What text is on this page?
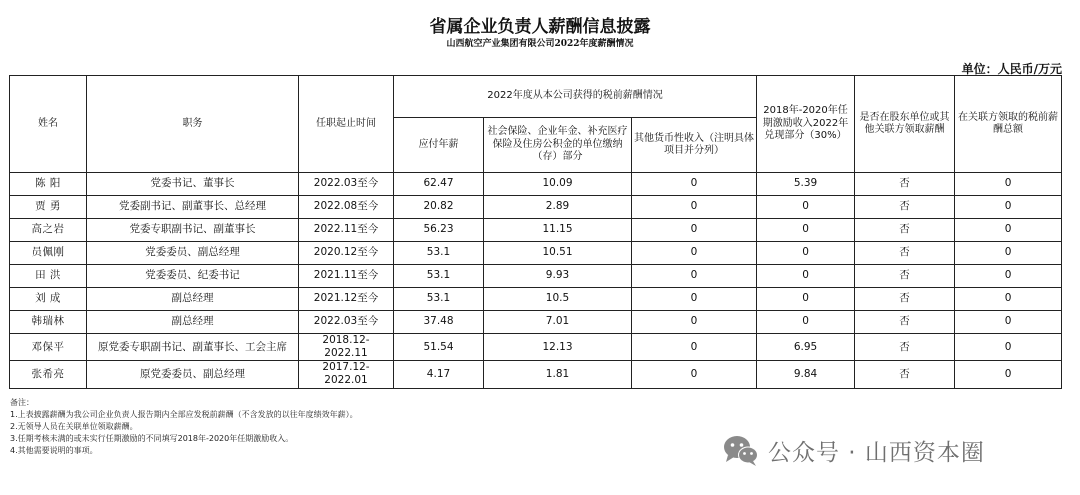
省属企业负责人薪酬信息披露
山西航空产业集团有限公司2022年度薪酬情况
单位：人民币/万元
姓名	职务	任职起止时间	2022年度从本公司获得的税前薪酬情况			2018年-2020年任期激励收入2022年兑现部分（30%）	是否在股东单位或其他关联方领取薪酬	在关联方领取的税前薪酬总额
			应付年薪	社会保险、企业年金、补充医疗保险及住房公积金的单位缴纳（存）部分	其他货币性收入（注明具体项目并分列）			
陈 阳	党委书记、董事长	2022.03至今	62.47	10.09	0	5.39	否	0
贾 勇	党委副书记、副董事长、总经理	2022.08至今	20.82	2.89	0	0	否	0
高之岩	党委专职副书记、副董事长	2022.11至今	56.23	11.15	0	0	否	0
员佩刚	党委委员、副总经理	2020.12至今	53.1	10.51	0	0	否	0
田 洪	党委委员、纪委书记	2021.11至今	53.1	9.93	0	0	否	0
刘 成	副总经理	2021.12至今	53.1	10.5	0	0	否	0
韩瑞林	副总经理	2022.03至今	37.48	7.01	0	0	否	0
邓保平	原党委专职副书记、副董事长、工会主席	2018.12-2022.11	51.54	12.13	0	6.95	否	0
张希亮	原党委委员、副总经理	2017.12-2022.01	4.17	1.81	0	9.84	否	0
备注：
1.上表披露薪酬为我公司企业负责人报告期内全部应发税前薪酬（不含发放的以往年度绩效年薪）。
2.无领导人员在关联单位领取薪酬。
3.任期考核未满的或未实行任期激励的不同填写2018年-2020年任期激励收入。
4.其他需要说明的事项。	公众号 · 山西资本圈
